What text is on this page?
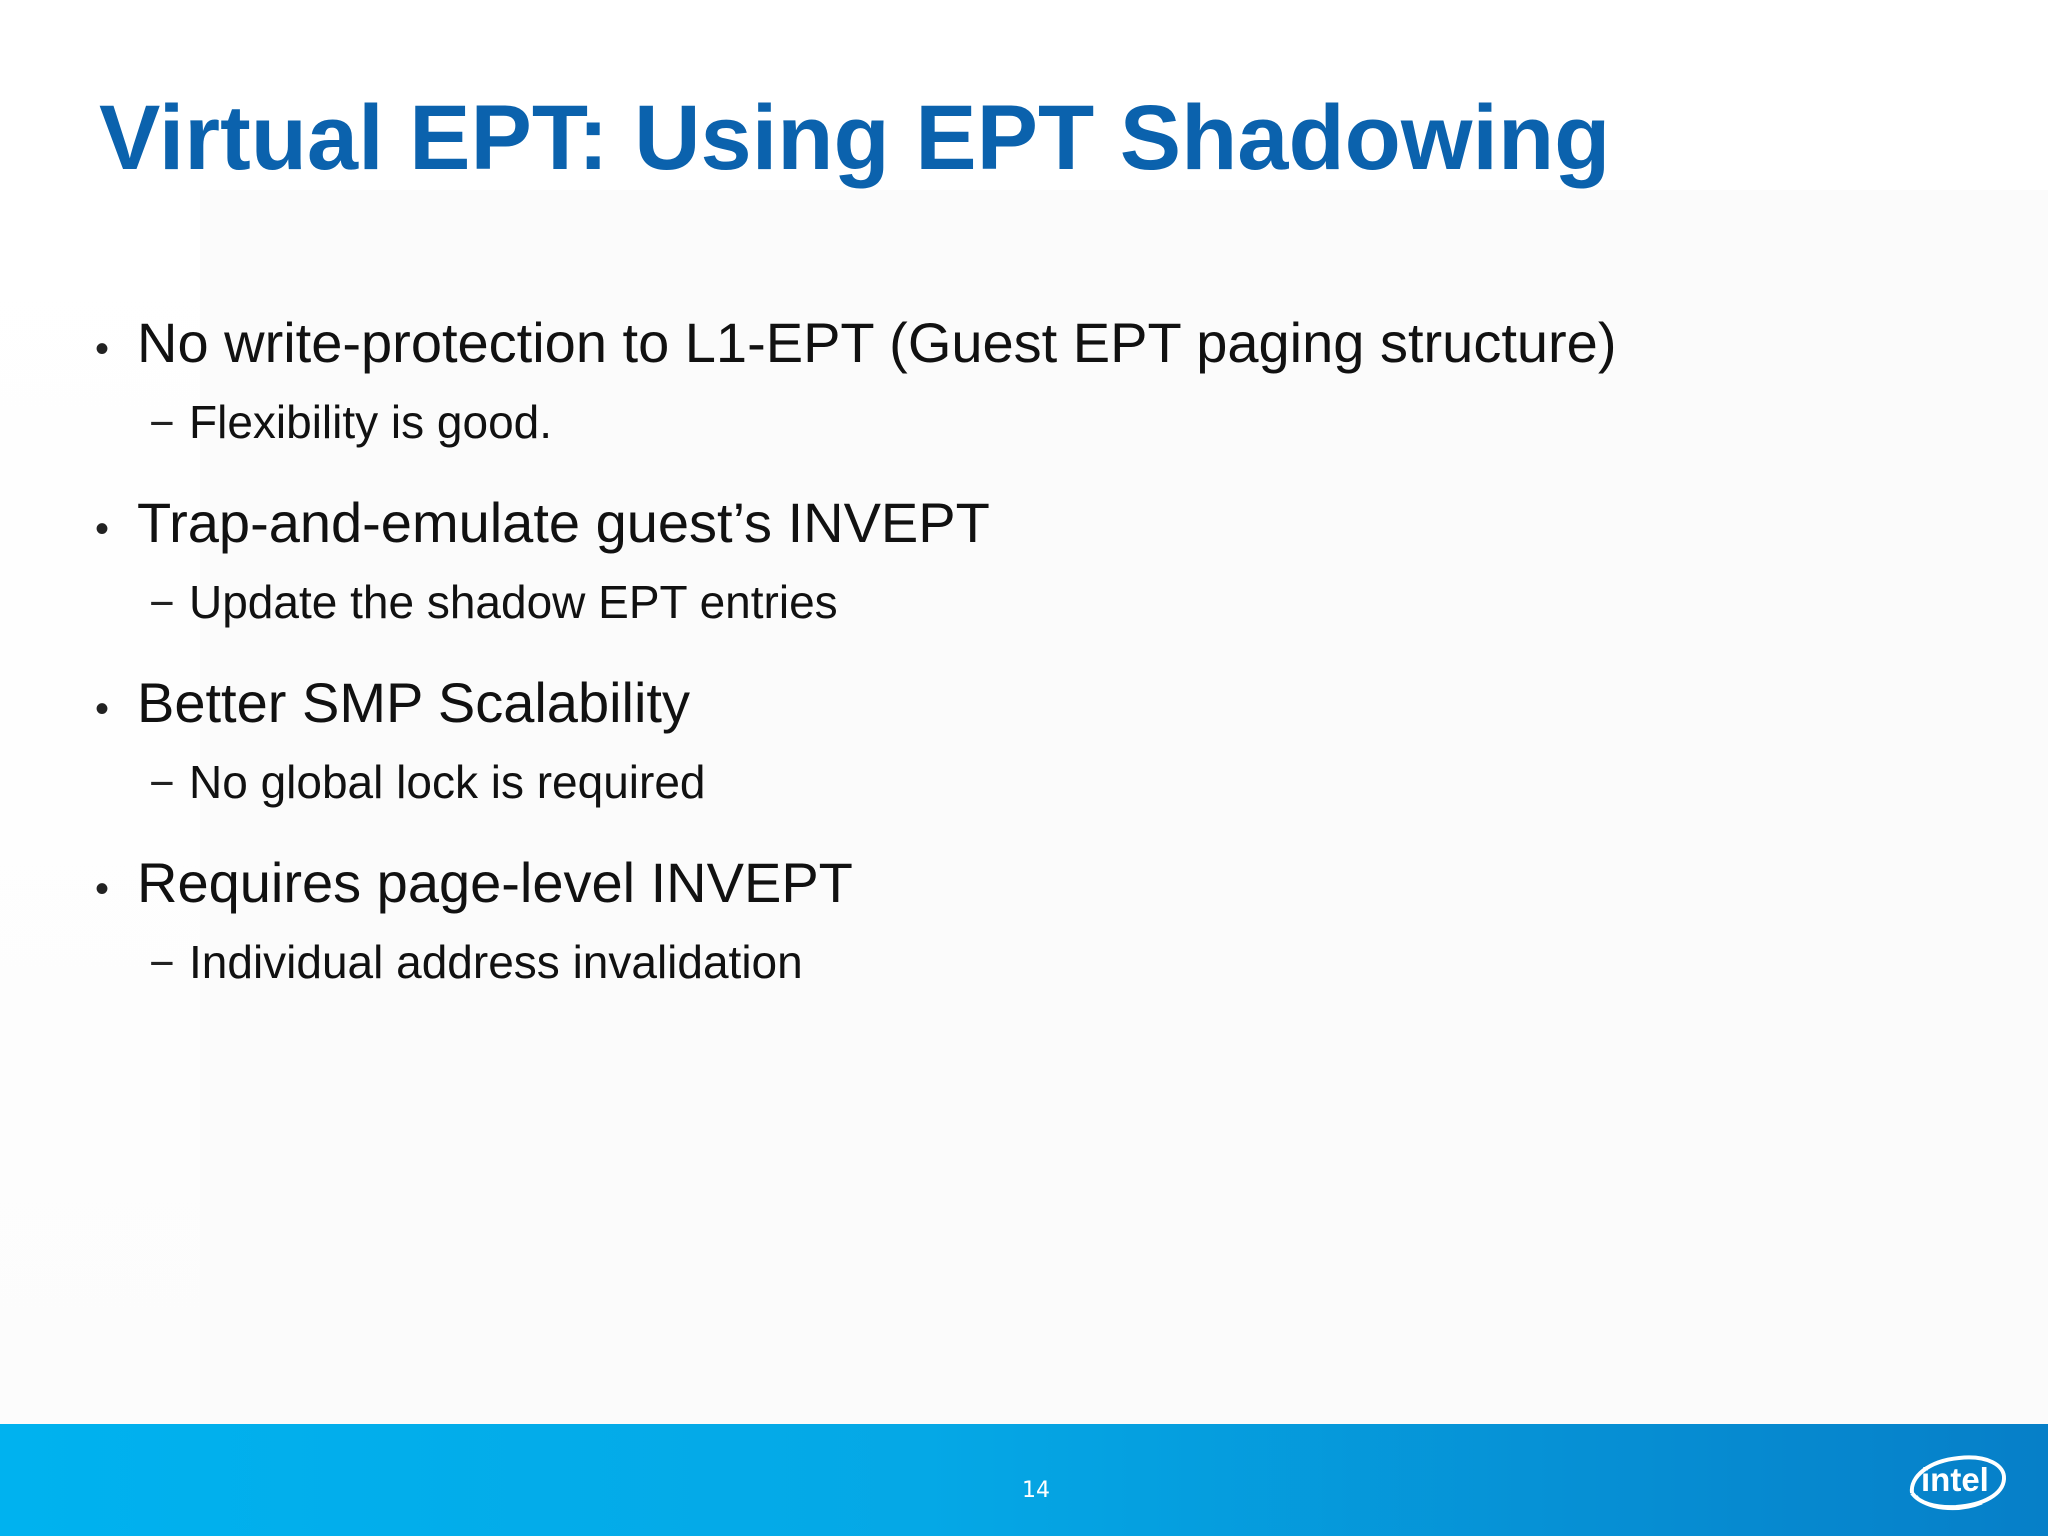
Virtual EPT: Using EPT Shadowing
• No write-protection to L1-EPT (Guest EPT paging structure)
− Flexibility is good.
• Trap-and-emulate guest’s INVEPT
− Update the shadow EPT entries
• Better SMP Scalability
− No global lock is required
• Requires page-level INVEPT
− Individual address invalidation
14	intel
